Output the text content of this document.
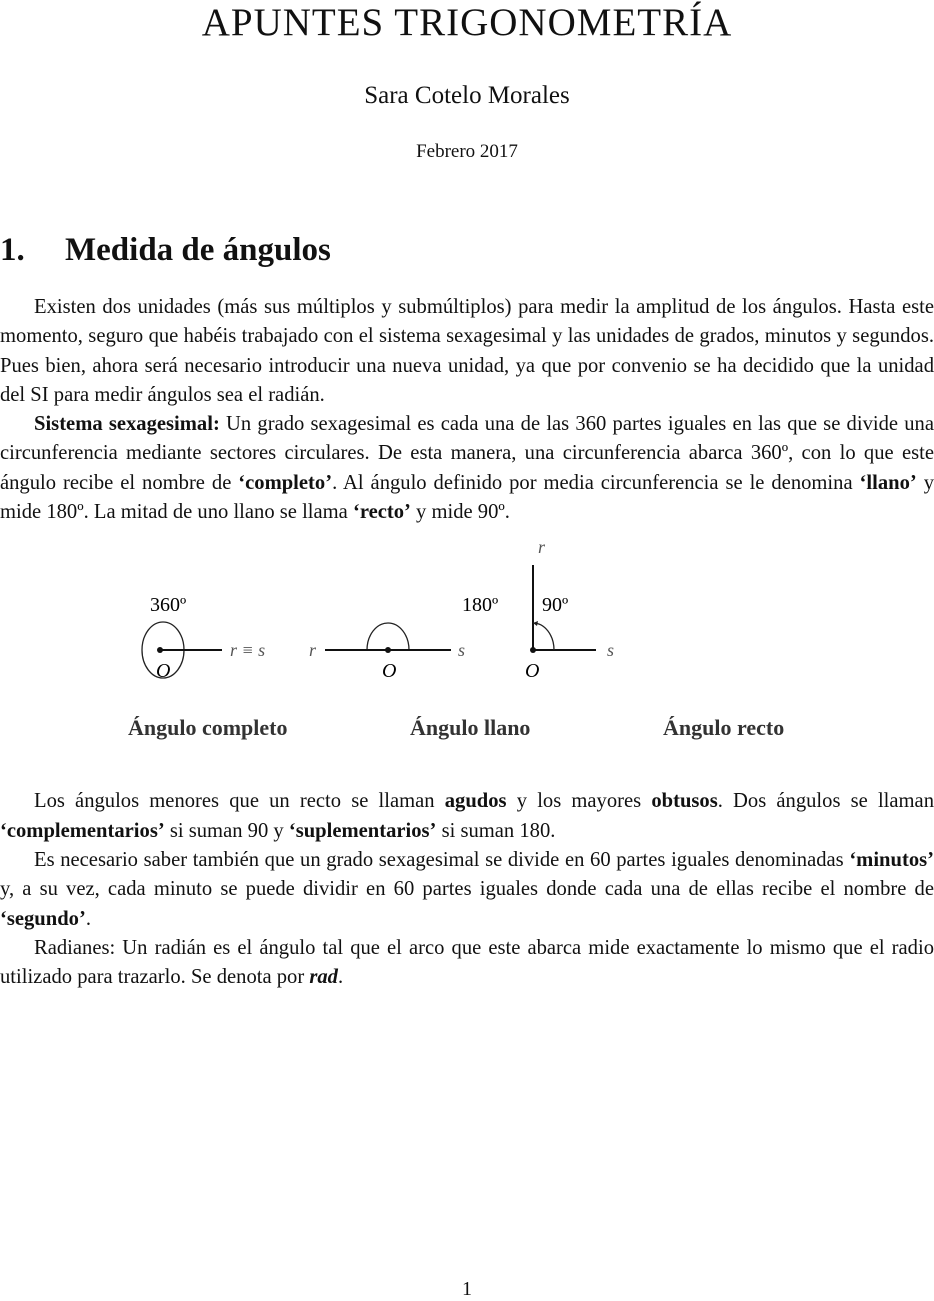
APUNTES TRIGONOMETRÍA
Sara Cotelo Morales
Febrero 2017
1. Medida de ángulos

Existen dos unidades (más sus múltiplos y submúltiplos) para medir la amplitud de los ángulos. Hasta este momento, seguro que habéis trabajado con el sistema sexagesimal y las unidades de grados, minutos y segundos. Pues bien, ahora será necesario introducir una nueva unidad, ya que por convenio se ha decidido que la unidad del SI para medir ángulos sea el radián.

Sistema sexagesimal: Un grado sexagesimal es cada una de las 360 partes iguales en las que se divide una circunferencia mediante sectores circulares. De esta manera, una circunferencia abarca 360º, con lo que este ángulo recibe el nombre de ‘completo’. Al ángulo definido por media circunferencia se le denomina ‘llano’ y mide 180º. La mitad de uno llano se llama ‘recto’ y mide 90º.

360º
O
r ≡ s
180º
r	s
O
r
90º
s
O
Ángulo completo	Ángulo llano	Ángulo recto

Los ángulos menores que un recto se llaman agudos y los mayores obtusos. Dos ángulos se llaman ‘complementarios’ si suman 90 y ‘suplementarios’ si suman 180.

Es necesario saber también que un grado sexagesimal se divide en 60 partes iguales denominadas ‘minutos’ y, a su vez, cada minuto se puede dividir en 60 partes iguales donde cada una de ellas recibe el nombre de ‘segundo’.

Radianes: Un radián es el ángulo tal que el arco que este abarca mide exactamente lo mismo que el radio utilizado para trazarlo. Se denota por rad.

1
